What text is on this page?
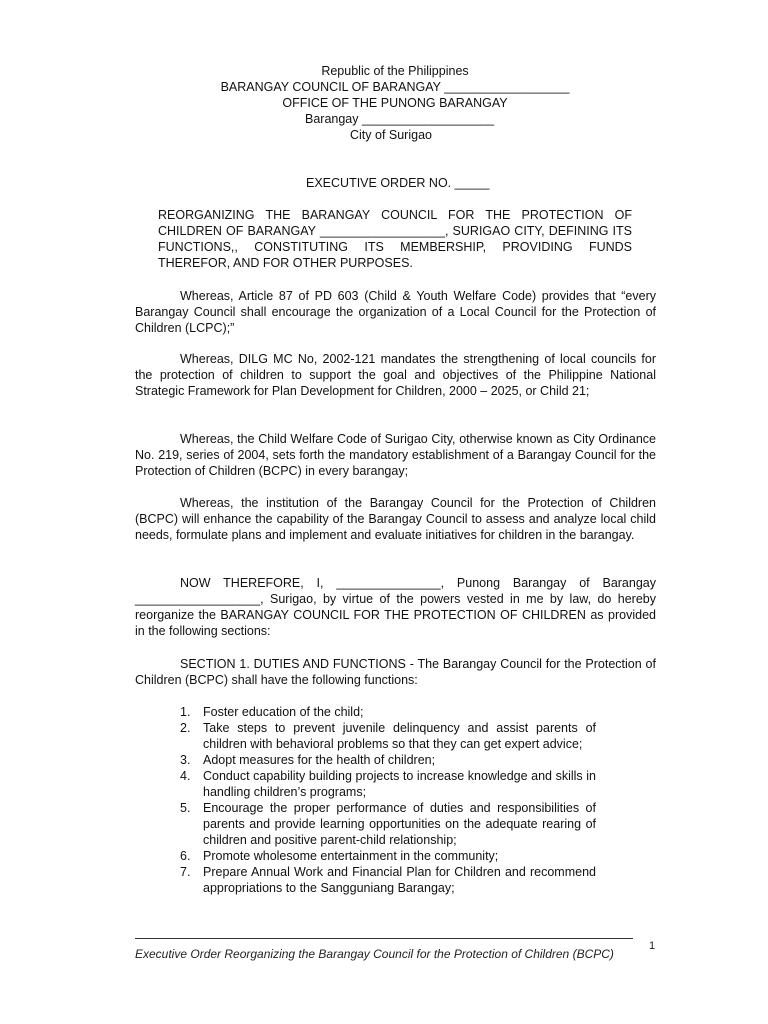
Republic of the Philippines
BARANGAY COUNCIL OF BARANGAY __________________
OFFICE OF THE PUNONG BARANGAY
Barangay ___________________
City of Surigao
EXECUTIVE ORDER NO. _____
REORGANIZING THE BARANGAY COUNCIL FOR THE PROTECTION OF CHILDREN OF BARANGAY __________________, SURIGAO CITY, DEFINING ITS FUNCTIONS,, CONSTITUTING ITS MEMBERSHIP, PROVIDING FUNDS THEREFOR, AND FOR OTHER PURPOSES.
Whereas, Article 87 of PD 603 (Child & Youth Welfare Code) provides that “every Barangay Council shall encourage the organization of a Local Council for the Protection of Children (LCPC);”
Whereas, DILG MC No, 2002-121 mandates the strengthening of local councils for the protection of children to support the goal and objectives of the Philippine National Strategic Framework for Plan Development for Children, 2000 – 2025, or Child 21;
Whereas, the Child Welfare Code of Surigao City, otherwise known as City Ordinance No. 219, series of 2004, sets forth the mandatory establishment of a Barangay Council for the Protection of Children (BCPC) in every barangay;
Whereas, the institution of the Barangay Council for the Protection of Children (BCPC) will enhance the capability of the Barangay Council to assess and analyze local child needs, formulate plans and implement and evaluate initiatives for children in the barangay.
NOW THEREFORE, I, _______________, Punong Barangay of Barangay __________________, Surigao, by virtue of the powers vested in me by law, do hereby reorganize the BARANGAY COUNCIL FOR THE PROTECTION OF CHILDREN as provided in the following sections:
SECTION 1. DUTIES AND FUNCTIONS - The Barangay Council for the Protection of Children (BCPC) shall have the following functions:
1. Foster education of the child;
2. Take steps to prevent juvenile delinquency and assist parents of children with behavioral problems so that they can get expert advice;
3. Adopt measures for the health of children;
4. Conduct capability building projects to increase knowledge and skills in handling children’s programs;
5. Encourage the proper performance of duties and responsibilities of parents and provide learning opportunities on the adequate rearing of children and positive parent-child relationship;
6. Promote wholesome entertainment in the community;
7. Prepare Annual Work and Financial Plan for Children and recommend appropriations to the Sangguniang Barangay;
1
Executive Order Reorganizing the Barangay Council for the Protection of Children (BCPC)
